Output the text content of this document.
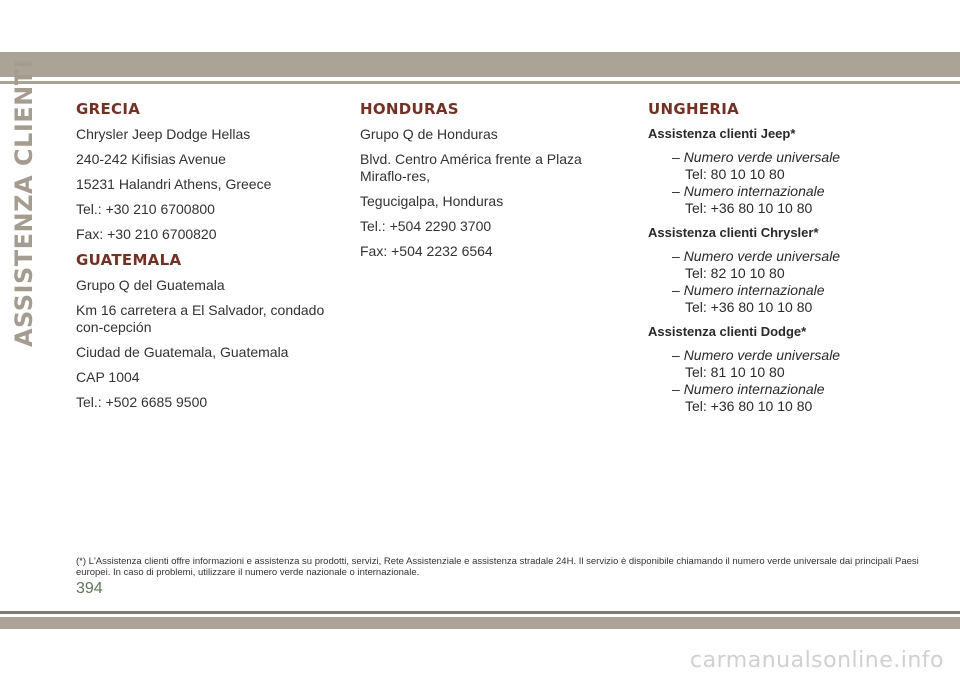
ASSISTENZA CLIENTI	GRECIA
Chrysler Jeep Dodge Hellas
240-242 Kifisias Avenue
15231 Halandri Athens, Greece
Tel.: +30 210 6700800
Fax: +30 210 6700820
GUATEMALA
Grupo Q del Guatemala
Km 16 carretera a El Salvador, condado con-cepción
Ciudad de Guatemala, Guatemala
CAP 1004
Tel.: +502 6685 9500
HONDURAS
Grupo Q de Honduras
Blvd. Centro América frente a Plaza Miraflo-res,
Tegucigalpa, Honduras
Tel.: +504 2290 3700
Fax: +504 2232 6564
UNGHERIA
Assistenza clienti Jeep*
– Numero verde universale
Tel: 80 10 10 80
– Numero internazionale
Tel: +36 80 10 10 80
Assistenza clienti Chrysler*
– Numero verde universale
Tel: 82 10 10 80
– Numero internazionale
Tel: +36 80 10 10 80
Assistenza clienti Dodge*
– Numero verde universale
Tel: 81 10 10 80
– Numero internazionale
Tel: +36 80 10 10 80
(*) L'Assistenza clienti offre informazioni e assistenza su prodotti, servizi, Rete Assistenziale e assistenza stradale 24H. Il servizio è disponibile chiamando il numero verde universale dai principali Paesi europei. In caso di problemi, utilizzare il numero verde nazionale o internazionale.
394
carmanualsonline.info
